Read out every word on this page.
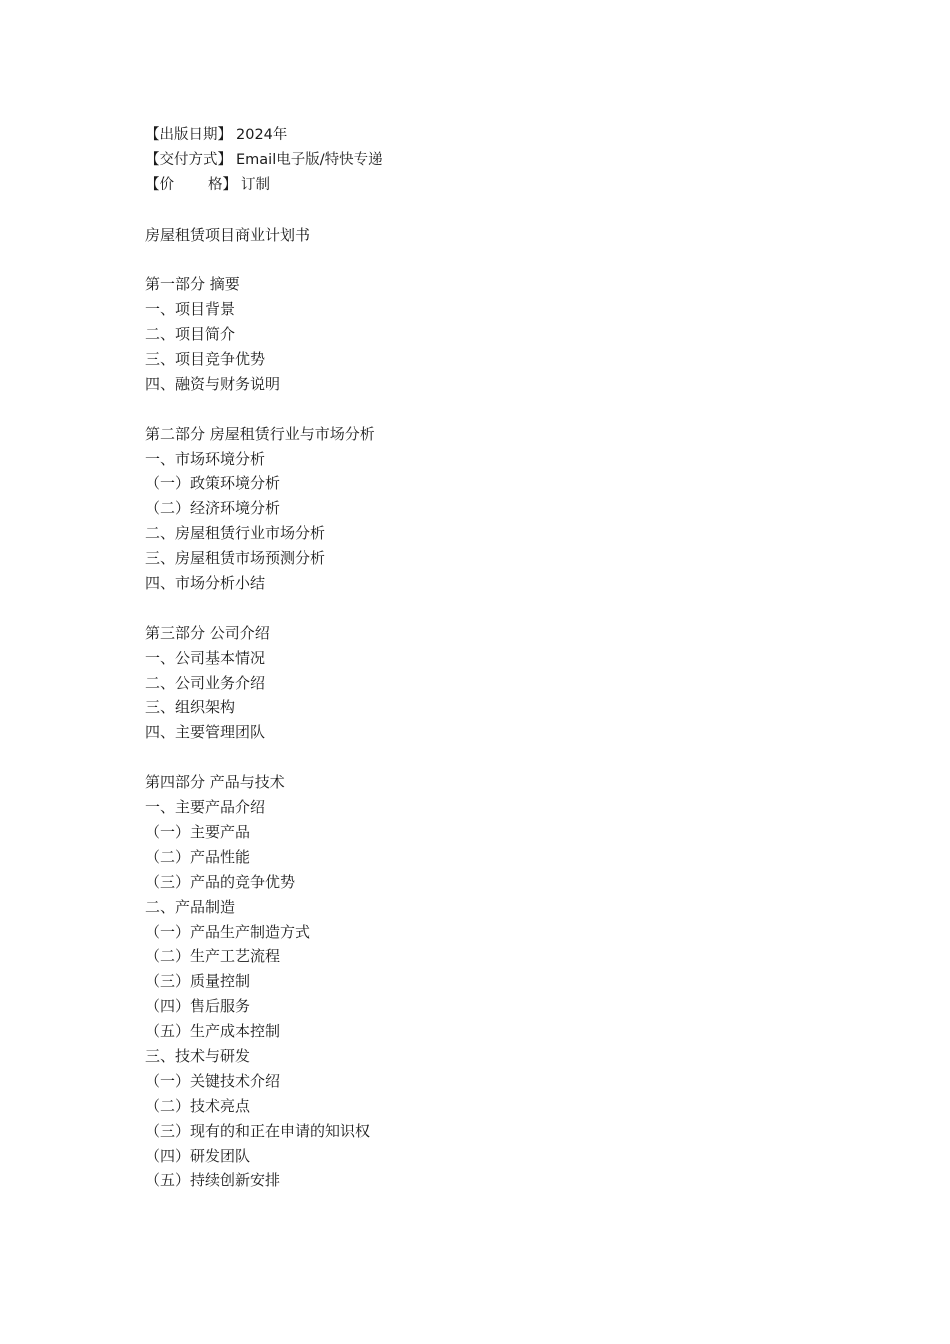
【出版日期】 2024年
【交付方式】 Email电子版/特快专递
【价 格】 订制
房屋租赁项目商业计划书
第一部分 摘要
一、项目背景
二、项目简介
三、项目竞争优势
四、融资与财务说明
第二部分 房屋租赁行业与市场分析
一、市场环境分析
（一）政策环境分析
（二）经济环境分析
二、房屋租赁行业市场分析
三、房屋租赁市场预测分析
四、市场分析小结
第三部分 公司介绍
一、公司基本情况
二、公司业务介绍
三、组织架构
四、主要管理团队
第四部分 产品与技术
一、主要产品介绍
（一）主要产品
（二）产品性能
（三）产品的竞争优势
二、产品制造
（一）产品生产制造方式
（二）生产工艺流程
（三）质量控制
（四）售后服务
（五）生产成本控制
三、技术与研发
（一）关键技术介绍
（二）技术亮点
（三）现有的和正在申请的知识权
（四）研发团队
（五）持续创新安排
